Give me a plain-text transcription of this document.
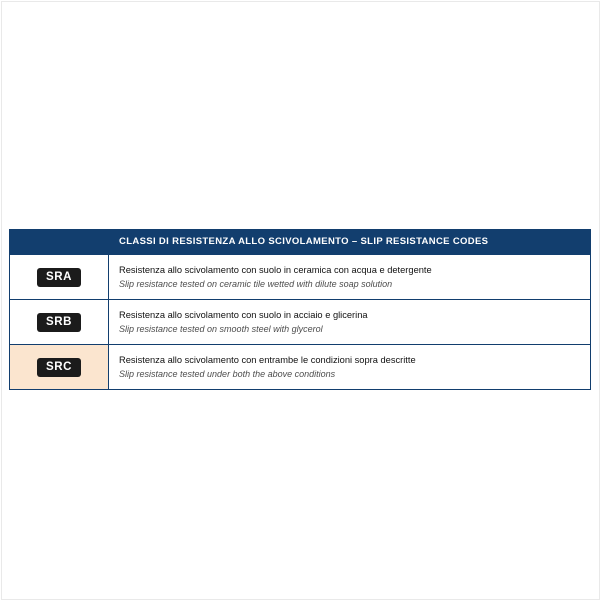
	CLASSI DI RESISTENZA ALLO SCIVOLAMENTO – SLIP RESISTANCE CODES
SRA	Resistenza allo scivolamento con suolo in ceramica con acqua e detergente
Slip resistance tested on ceramic tile wetted with dilute soap solution

SRB	Resistenza allo scivolamento con suolo in acciaio e glicerina
Slip resistance tested on smooth steel with glycerol

SRC	Resistenza allo scivolamento con entrambe le condizioni sopra descritte
Slip resistance tested under both the above conditions
